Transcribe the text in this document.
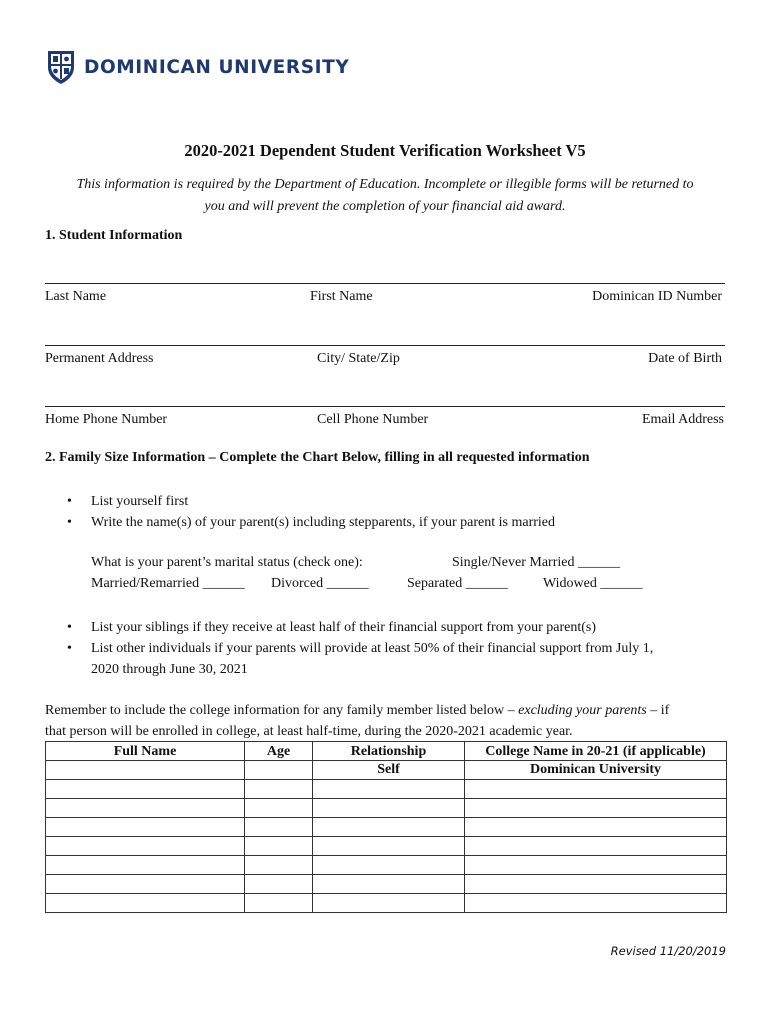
DOMINICAN UNIVERSITY
2020-2021 Dependent Student Verification Worksheet V5
This information is required by the Department of Education. Incomplete or illegible forms will be returned to
you and will prevent the completion of your financial aid award.
1. Student Information
Last Name	First Name	Dominican ID Number
Permanent Address	City/ State/Zip	Date of Birth
Home Phone Number	Cell Phone Number	Email Address
2. Family Size Information – Complete the Chart Below, filling in all requested information
• List yourself first
• Write the name(s) of your parent(s) including stepparents, if your parent is married
What is your parent’s marital status (check one):	Single/Never Married ______
Married/Remarried ______ Divorced ______	Separated ______	Widowed ______
• List your siblings if they receive at least half of their financial support from your parent(s)
• List other individuals if your parents will provide at least 50% of their financial support from July 1,
2020 through June 30, 2021
Remember to include the college information for any family member listed below – excluding your parents – if
that person will be enrolled in college, at least half-time, during the 2020-2021 academic year.
Full Name	Age	Relationship	College Name in 20-21 (if applicable)
		Self	Dominican University

Revised 11/20/2019
